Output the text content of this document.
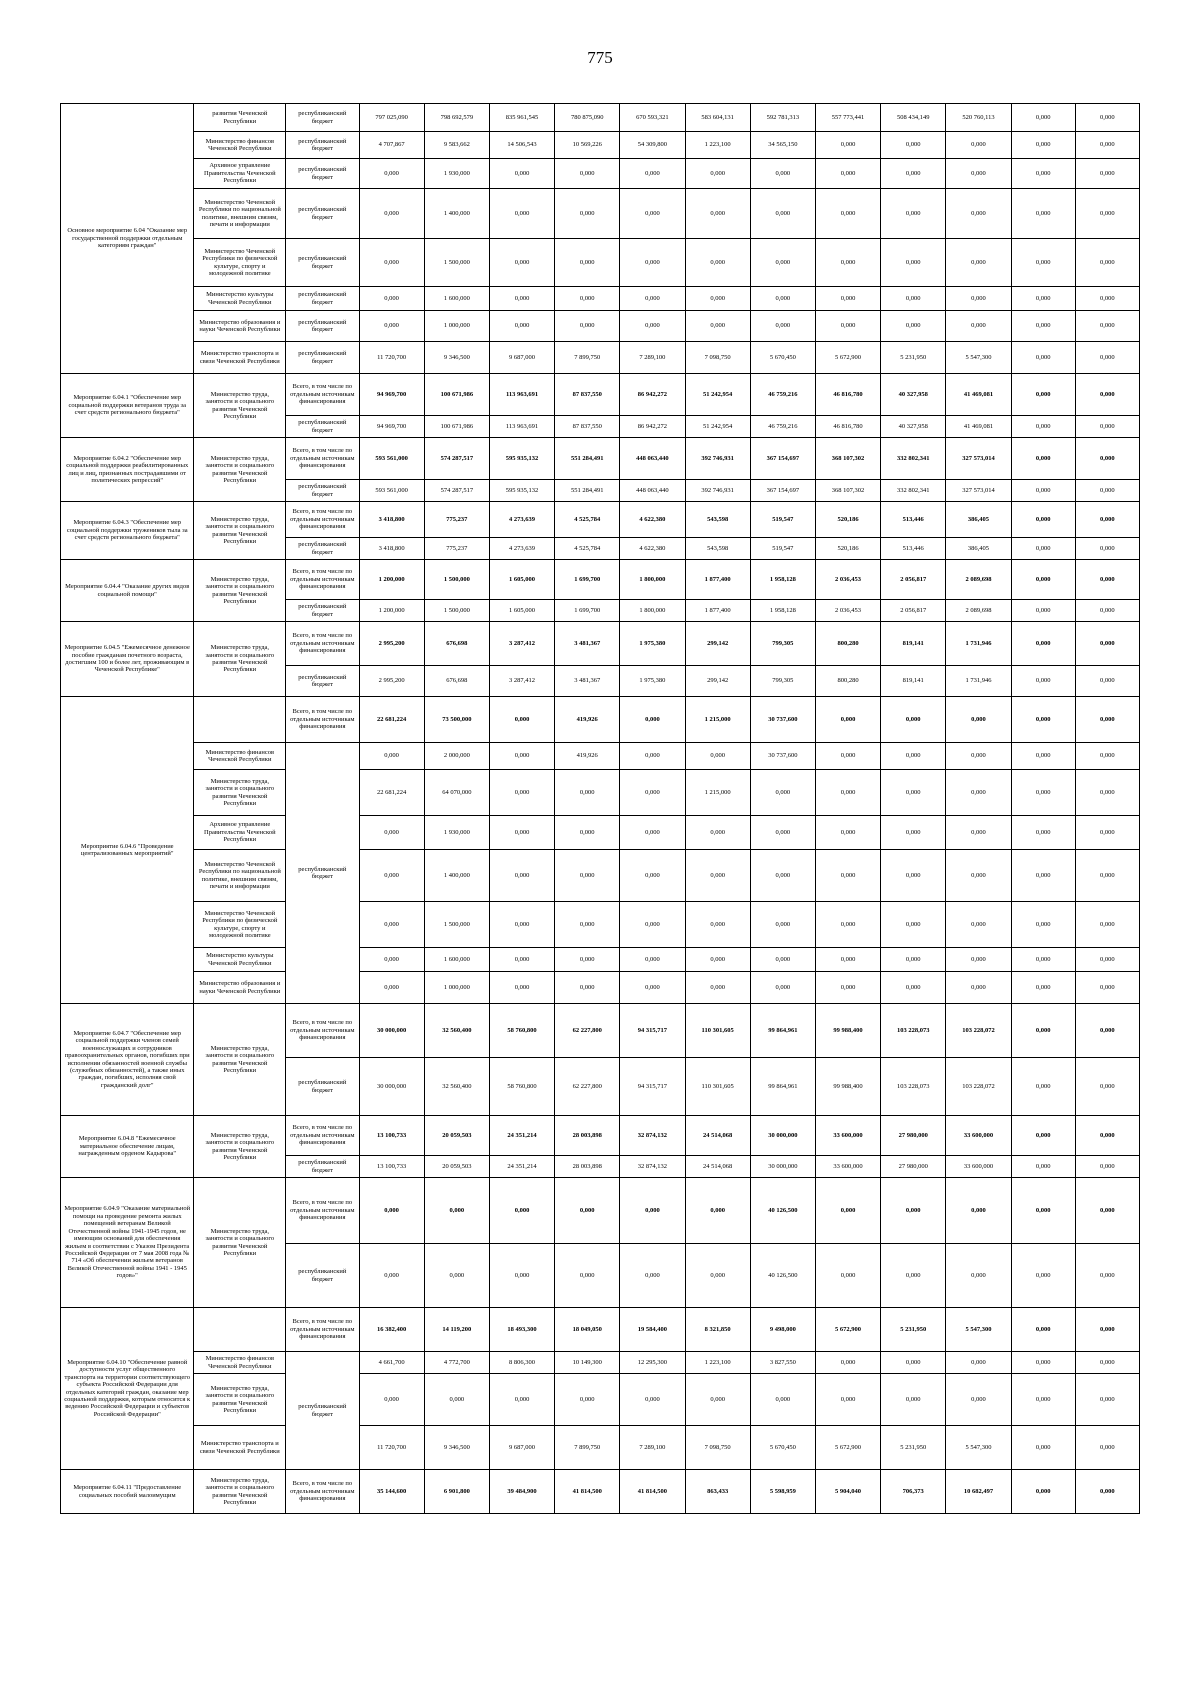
775
Основное мероприятие 6.04 "Оказание мер государственной поддержки отдельным категориям граждан"	развития Чеченской Республики	республиканский бюджет	797 025,090	798 692,579	835 961,545	780 875,090	670 593,321	583 604,131	592 781,313	557 773,441	508 434,149	520 760,113	0,000	0,000
	Министерство финансов Чеченской Республики	республиканский бюджет	4 707,867	9 583,662	14 506,543	10 569,226	54 309,800	1 223,100	34 565,150	0,000	0,000	0,000	0,000	0,000
	Архивное управление Правительства Чеченской Республики	республиканский бюджет	0,000	1 930,000	0,000	0,000	0,000	0,000	0,000	0,000	0,000	0,000	0,000	0,000
	Министерство Чеченской Республики по национальной политике, внешним связям, печати и информации	республиканский бюджет	0,000	1 400,000	0,000	0,000	0,000	0,000	0,000	0,000	0,000	0,000	0,000	0,000
	Министерство Чеченской Республики по физической культуре, спорту и молодежной политике	республиканский бюджет	0,000	1 500,000	0,000	0,000	0,000	0,000	0,000	0,000	0,000	0,000	0,000	0,000
	Министерство культуры Чеченской Республики	республиканский бюджет	0,000	1 600,000	0,000	0,000	0,000	0,000	0,000	0,000	0,000	0,000	0,000	0,000
	Министерство образования и науки Чеченской Республики	республиканский бюджет	0,000	1 000,000	0,000	0,000	0,000	0,000	0,000	0,000	0,000	0,000	0,000	0,000
	Министерство транспорта и связи Чеченской Республики	республиканский бюджет	11 720,700	9 346,500	9 687,000	7 899,750	7 289,100	7 098,750	5 670,450	5 672,900	5 231,950	5 547,300	0,000	0,000
Мероприятие 6.04.1 "Обеспечение мер социальной поддержки ветеранов труда за счет средств регионального бюджета"	Министерство труда, занятости и социального развития Чеченской Республики	Всего, в том числе по отдельным источникам финансирования	94 969,700	100 671,986	113 963,691	87 837,550	86 942,272	51 242,954	46 759,216	46 816,780	40 327,958	41 469,081	0,000	0,000
		республиканский бюджет	94 969,700	100 671,986	113 963,691	87 837,550	86 942,272	51 242,954	46 759,216	46 816,780	40 327,958	41 469,081	0,000	0,000
Мероприятие 6.04.2 "Обеспечение мер социальной поддержки реабилитированных лиц и лиц, признанных пострадавшими от политических репрессий"	Министерство труда, занятости и социального развития Чеченской Республики	Всего, в том числе по отдельным источникам финансирования	593 561,000	574 287,517	595 935,132	551 284,491	448 063,440	392 746,931	367 154,697	368 107,302	332 802,341	327 573,014	0,000	0,000
		республиканский бюджет	593 561,000	574 287,517	595 935,132	551 284,491	448 063,440	392 746,931	367 154,697	368 107,302	332 802,341	327 573,014	0,000	0,000
Мероприятие 6.04.3 "Обеспечение мер социальной поддержки тружеников тыла за счет средств регионального бюджета"	Министерство труда, занятости и социального развития Чеченской Республики	Всего, в том числе по отдельным источникам финансирования	3 418,800	775,237	4 273,639	4 525,784	4 622,380	543,598	519,547	520,186	513,446	386,405	0,000	0,000
		республиканский бюджет	3 418,800	775,237	4 273,639	4 525,784	4 622,380	543,598	519,547	520,186	513,446	386,405	0,000	0,000
Мероприятие 6.04.4 "Оказание других видов социальной помощи"	Министерство труда, занятости и социального развития Чеченской Республики	Всего, в том числе по отдельным источникам финансирования	1 200,000	1 500,000	1 605,000	1 699,700	1 800,000	1 877,400	1 958,128	2 036,453	2 056,817	2 089,698	0,000	0,000
		республиканский бюджет	1 200,000	1 500,000	1 605,000	1 699,700	1 800,000	1 877,400	1 958,128	2 036,453	2 056,817	2 089,698	0,000	0,000
Мероприятие 6.04.5 "Ежемесячное денежное пособие гражданам почетного возраста, достигшим 100 и более лет, проживающим в Чеченской Республике"	Министерство труда, занятости и социального развития Чеченской Республики	Всего, в том числе по отдельным источникам финансирования	2 995,200	676,698	3 287,412	3 481,367	1 975,380	299,142	799,305	800,280	819,141	1 731,946	0,000	0,000
		республиканский бюджет	2 995,200	676,698	3 287,412	3 481,367	1 975,380	299,142	799,305	800,280	819,141	1 731,946	0,000	0,000
Мероприятие 6.04.6 "Проведение централизованных мероприятий"		Всего, в том числе по отдельным источникам финансирования	22 681,224	73 500,000	0,000	419,926	0,000	1 215,000	30 737,600	0,000	0,000	0,000	0,000	0,000
	Министерство финансов Чеченской Республики	республиканский бюджет	0,000	2 000,000	0,000	419,926	0,000	0,000	30 737,600	0,000	0,000	0,000	0,000	0,000
	Министерство труда, занятости и социального развития Чеченской Республики		22 681,224	64 070,000	0,000	0,000	0,000	1 215,000	0,000	0,000	0,000	0,000	0,000	0,000
	Архивное управление Правительства Чеченской Республики		0,000	1 930,000	0,000	0,000	0,000	0,000	0,000	0,000	0,000	0,000	0,000	0,000
	Министерство Чеченской Республики по национальной политике, внешним связям, печати и информации		0,000	1 400,000	0,000	0,000	0,000	0,000	0,000	0,000	0,000	0,000	0,000	0,000
	Министерство Чеченской Республики по физической культуре, спорту и молодежной политике		0,000	1 500,000	0,000	0,000	0,000	0,000	0,000	0,000	0,000	0,000	0,000	0,000
	Министерство культуры Чеченской Республики		0,000	1 600,000	0,000	0,000	0,000	0,000	0,000	0,000	0,000	0,000	0,000	0,000
	Министерство образования и науки Чеченской Республики		0,000	1 000,000	0,000	0,000	0,000	0,000	0,000	0,000	0,000	0,000	0,000	0,000
Мероприятие 6.04.7 "Обеспечение мер социальной поддержки членов семей военнослужащих и сотрудников правоохранительных органов, погибших при исполнении обязанностей военной службы (служебных обязанностей), а также иных граждан, погибших, исполняя свой гражданский долг"	Министерство труда, занятости и социального развития Чеченской Республики	Всего, в том числе по отдельным источникам финансирования	30 000,000	32 560,400	58 760,800	62 227,800	94 315,717	110 301,605	99 864,961	99 988,400	103 228,073	103 228,072	0,000	0,000
		республиканский бюджет	30 000,000	32 560,400	58 760,800	62 227,800	94 315,717	110 301,605	99 864,961	99 988,400	103 228,073	103 228,072	0,000	0,000
Мероприятие 6.04.8 "Ежемесячное материальное обеспечение лицам, награжденным орденом Кадырова"	Министерство труда, занятости и социального развития Чеченской Республики	Всего, в том числе по отдельным источникам финансирования	13 100,733	20 059,503	24 351,214	28 003,898	32 874,132	24 514,068	30 000,000	33 600,000	27 980,000	33 600,000	0,000	0,000
		республиканский бюджет	13 100,733	20 059,503	24 351,214	28 003,898	32 874,132	24 514,068	30 000,000	33 600,000	27 980,000	33 600,000	0,000	0,000
Мероприятие 6.04.9 "Оказание материальной помощи на проведение ремонта жилых помещений ветеранам Великой Отечественной войны 1941-1945 годов, не имеющим оснований для обеспечения жильем в соответствии с Указом Президента Российской Федерации от 7 мая 2008 года № 714 «Об обеспечении жильем ветеранов Великой Отечественной войны 1941 - 1945 годов»"	Министерство труда, занятости и социального развития Чеченской Республики	Всего, в том числе по отдельным источникам финансирования	0,000	0,000	0,000	0,000	0,000	0,000	40 126,500	0,000	0,000	0,000	0,000	0,000
		республиканский бюджет	0,000	0,000	0,000	0,000	0,000	0,000	40 126,500	0,000	0,000	0,000	0,000	0,000
Мероприятие 6.04.10 "Обеспечение равной доступности услуг общественного транспорта на территории соответствующего субъекта Российской Федерации для отдельных категорий граждан, оказание мер социальной поддержки, которым относится к ведению Российской Федерации и субъектов Российской Федерации"		Всего, в том числе по отдельным источникам финансирования	16 382,400	14 119,200	18 493,300	18 049,050	19 584,400	8 321,850	9 498,000	5 672,900	5 231,950	5 547,300	0,000	0,000
	Министерство финансов Чеченской Республики	республиканский бюджет	4 661,700	4 772,700	8 806,300	10 149,300	12 295,300	1 223,100	3 827,550	0,000	0,000	0,000	0,000	0,000
	Министерство труда, занятости и социального развития Чеченской Республики		0,000	0,000	0,000	0,000	0,000	0,000	0,000	0,000	0,000	0,000	0,000	0,000
	Министерство транспорта и связи Чеченской Республики		11 720,700	9 346,500	9 687,000	7 899,750	7 289,100	7 098,750	5 670,450	5 672,900	5 231,950	5 547,300	0,000	0,000
Мероприятие 6.04.11 "Предоставление социальных пособий малоимущим	Министерство труда, занятости и социального развития Чеченской Республики	Всего, в том числе по отдельным источникам финансирования	35 144,600	6 901,800	39 484,900	41 814,500	41 814,500	863,433	5 598,959	5 904,040	706,373	10 682,497	0,000	0,000
